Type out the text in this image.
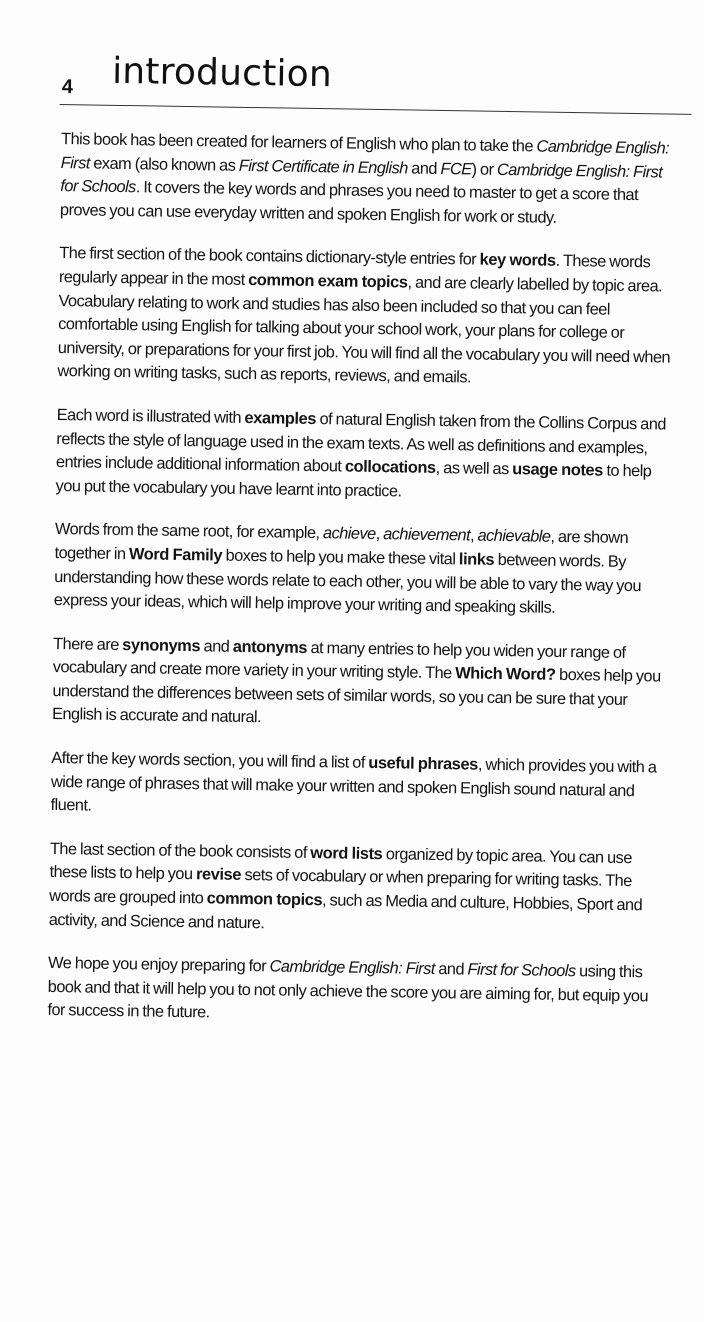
4 introduction

This book has been created for learners of English who plan to take the Cambridge English: First exam (also known as First Certificate in English and FCE) or Cambridge English: First for Schools. It covers the key words and phrases you need to master to get a score that proves you can use everyday written and spoken English for work or study.

The first section of the book contains dictionary-style entries for key words. These words regularly appear in the most common exam topics, and are clearly labelled by topic area. Vocabulary relating to work and studies has also been included so that you can feel comfortable using English for talking about your school work, your plans for college or university, or preparations for your first job. You will find all the vocabulary you will need when working on writing tasks, such as reports, reviews, and emails.

Each word is illustrated with examples of natural English taken from the Collins Corpus and reflects the style of language used in the exam texts. As well as definitions and examples, entries include additional information about collocations, as well as usage notes to help you put the vocabulary you have learnt into practice.

Words from the same root, for example, achieve, achievement, achievable, are shown together in Word Family boxes to help you make these vital links between words. By understanding how these words relate to each other, you will be able to vary the way you express your ideas, which will help improve your writing and speaking skills.

There are synonyms and antonyms at many entries to help you widen your range of vocabulary and create more variety in your writing style. The Which Word? boxes help you understand the differences between sets of similar words, so you can be sure that your English is accurate and natural.

After the key words section, you will find a list of useful phrases, which provides you with a wide range of phrases that will make your written and spoken English sound natural and fluent.

The last section of the book consists of word lists organized by topic area. You can use these lists to help you revise sets of vocabulary or when preparing for writing tasks. The words are grouped into common topics, such as Media and culture, Hobbies, Sport and activity, and Science and nature.

We hope you enjoy preparing for Cambridge English: First and First for Schools using this book and that it will help you to not only achieve the score you are aiming for, but equip you for success in the future.
